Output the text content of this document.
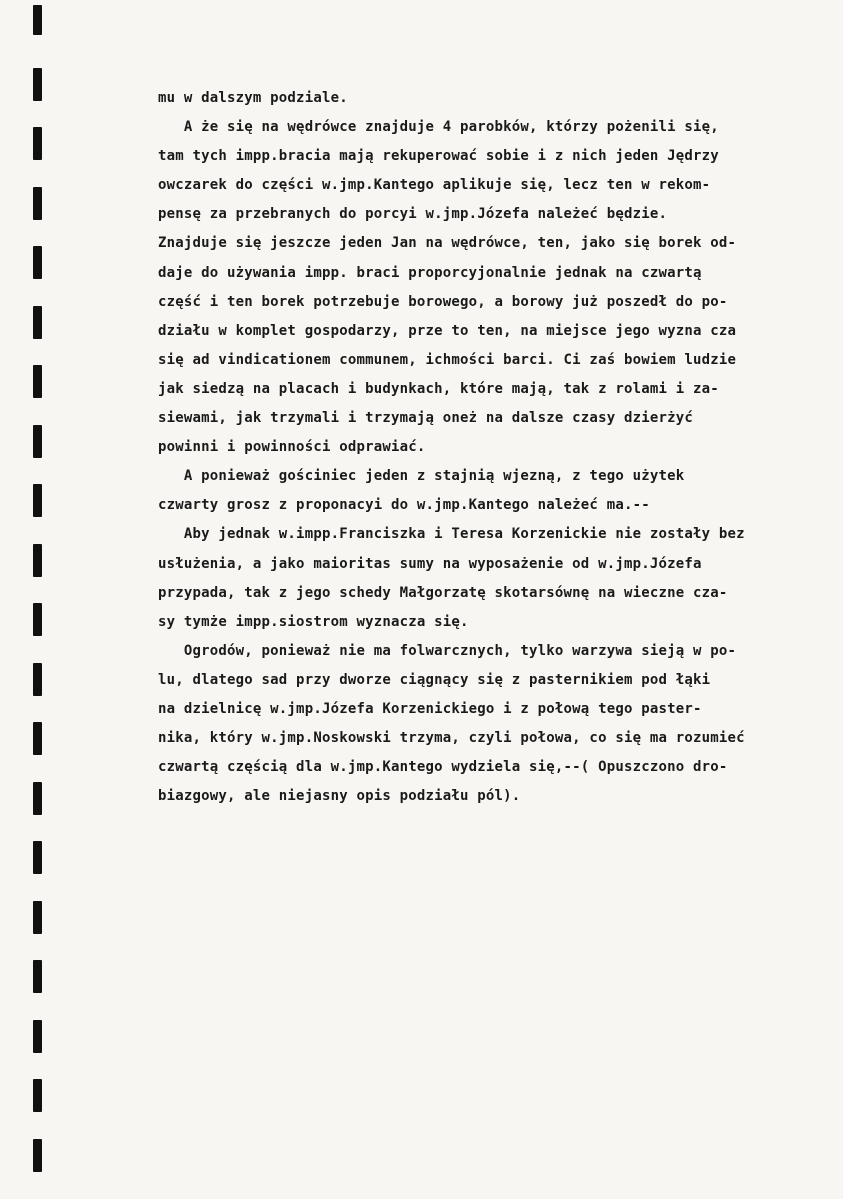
mu w dalszym podziale.
A że się na wędrówce znajduje 4 parobków, którzy pożenili się,
tam tych impp.bracia mają rekuperować sobie i z nich jeden Jędrzy
owczarek do części w.jmp.Kantego aplikuje się, lecz ten w rekom-
pensę za przebranych do porcyi w.jmp.Józefa należeć będzie.
Znajduje się jeszcze jeden Jan na wędrówce, ten, jako się borek od-
daje do używania impp. braci proporcyjonalnie jednak na czwartą
część i ten borek potrzebuje borowego, a borowy już poszedł do po-
działu w komplet gospodarzy, prze to ten, na miejsce jego wyzna cza
się ad vindicationem communem, ichmości barci. Ci zaś bowiem ludzie
jak siedzą na placach i budynkach, które mają, tak z rolami i za-
siewami, jak trzymali i trzymają oneż na dalsze czasy dzierżyć
powinni i powinności odprawiać.
A ponieważ gościniec jeden z stajnią wjezną, z tego użytek
czwarty grosz z proponacyi do w.jmp.Kantego należeć ma.--
Aby jednak w.impp.Franciszka i Teresa Korzenickie nie zostały bez
usłużenia, a jako maioritas sumy na wyposażenie od w.jmp.Józefa
przypada, tak z jego schedy Małgorzatę skotarsównę na wieczne cza-
sy tymże impp.siostrom wyznacza się.
Ogrodów, ponieważ nie ma folwarcznych, tylko warzywa sieją w po-
lu, dlatego sad przy dworze ciągnący się z pasternikiem pod łąki
na dzielnicę w.jmp.Józefa Korzenickiego i z połową tego paster-
nika, który w.jmp.Noskowski trzyma, czyli połowa, co się ma rozumieć
czwartą częścią dla w.jmp.Kantego wydziela się,--( Opuszczono dro-
biazgowy, ale niejasny opis podziału pól).
